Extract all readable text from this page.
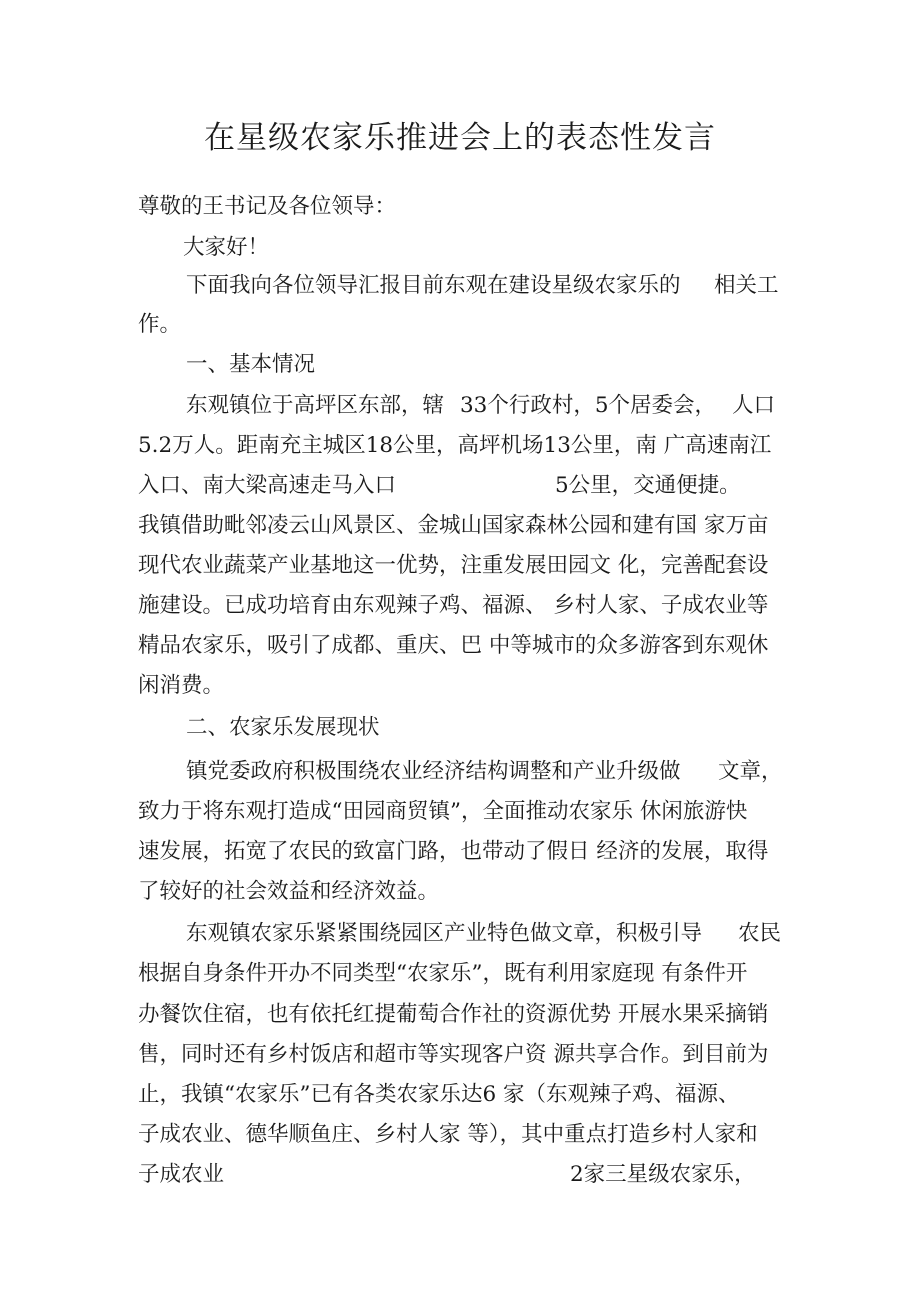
在星级农家乐推进会上的表态性发言
尊敬的王书记及各位领导：
大家好！
下面我向各位领导汇报目前东观在建设星级农家乐的 相关工
作。
一、基本情况
东观镇位于高坪区东部，辖 33个行政村，5个居委会， 人口
5.2万人。距南充主城区18公里，高坪机场13公里，南 广高速南江
入口、南大梁高速走马入口	5公里，交通便捷。
我镇借助毗邻凌云山风景区、金城山国家森林公园和建有国 家万亩
现代农业蔬菜产业基地这一优势，注重发展田园文 化，完善配套设
施建设。已成功培育由东观辣子鸡、福源、 乡村人家、子成农业等
精品农家乐，吸引了成都、重庆、巴 中等城市的众多游客到东观休
闲消费。
二、农家乐发展现状
镇党委政府积极围绕农业经济结构调整和产业升级做 文章，
致力于将东观打造成“田园商贸镇”，全面推动农家乐 休闲旅游快
速发展，拓宽了农民的致富门路，也带动了假日 经济的发展，取得
了较好的社会效益和经济效益。
东观镇农家乐紧紧围绕园区产业特色做文章，积极引导 农民
根据自身条件开办不同类型“农家乐”，既有利用家庭现 有条件开
办餐饮住宿，也有依托红提葡萄合作社的资源优势 开展水果采摘销
售，同时还有乡村饭店和超市等实现客户资 源共享合作。到目前为
止，我镇“农家乐”已有各类农家乐达6 家（东观辣子鸡、福源、
子成农业、德华顺鱼庄、乡村人家 等），其中重点打造乡村人家和
子成农业	2家三星级农家乐，
